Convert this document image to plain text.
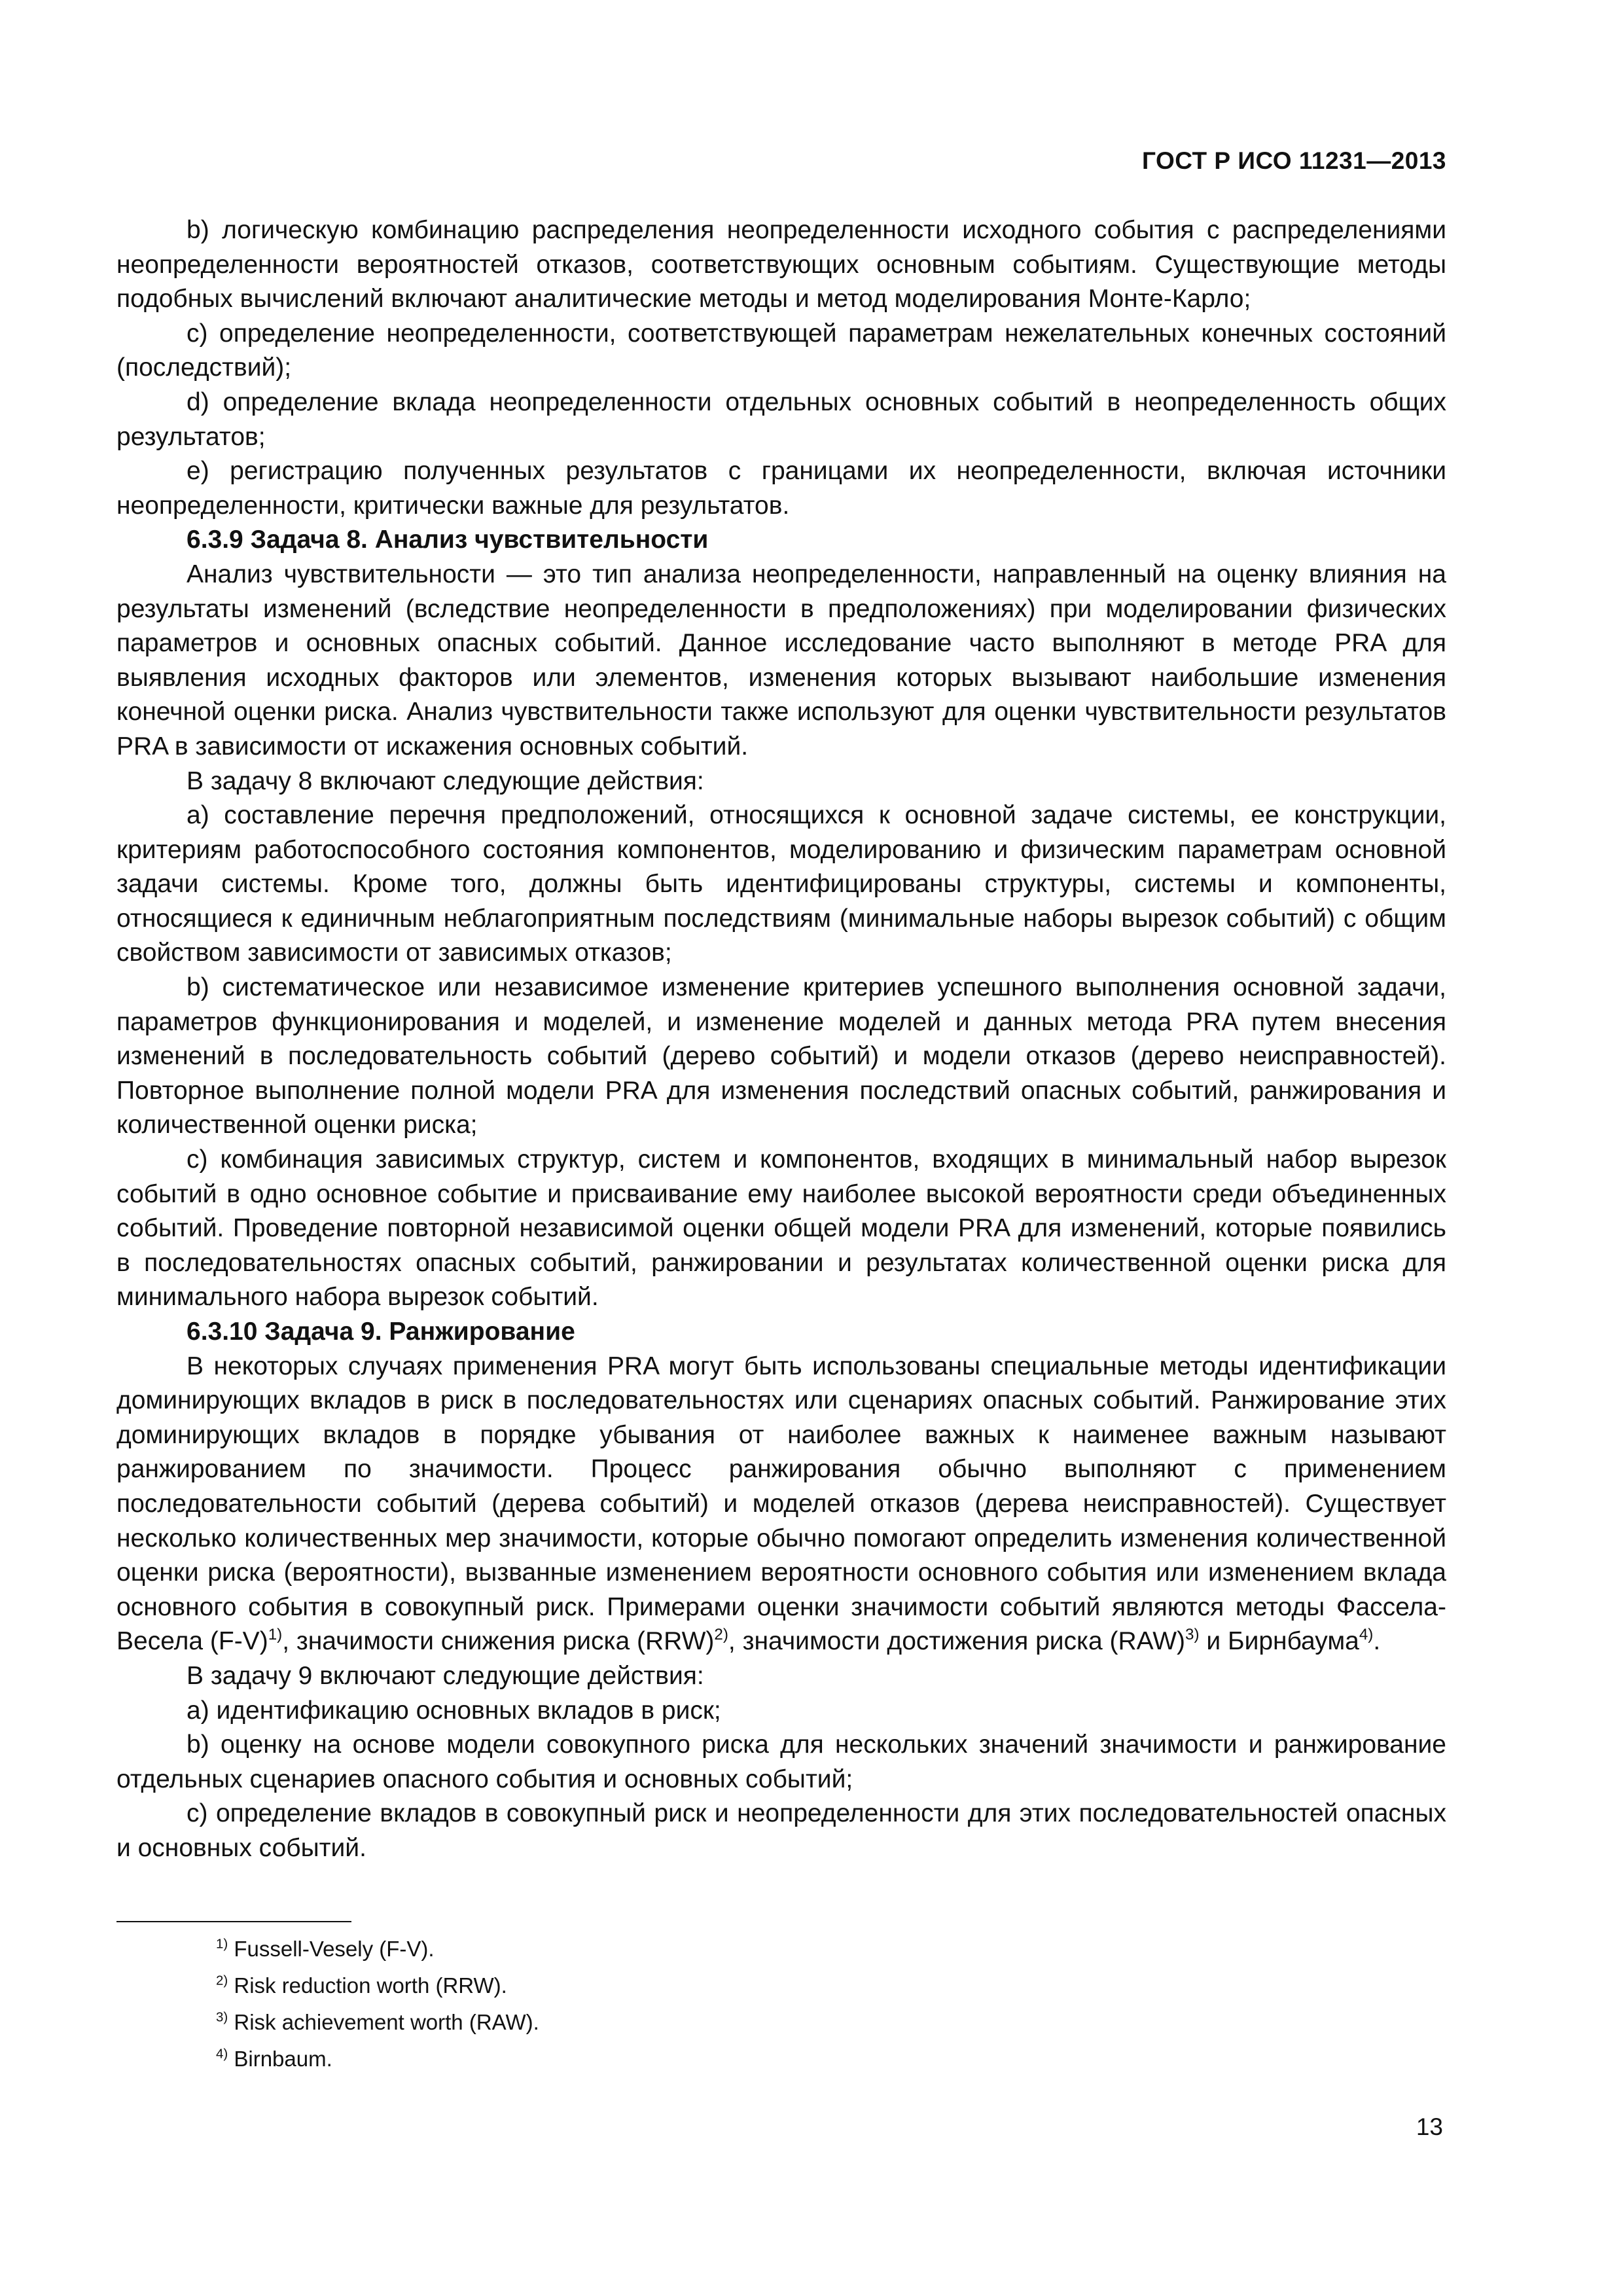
ГОСТ Р ИСО 11231—2013

b) логическую комбинацию распределения неопределенности исходного события с распределениями неопределенности вероятностей отказов, соответствующих основным событиям. Существующие методы подобных вычислений включают аналитические методы и метод моделирования Монте-Карло;

c) определение неопределенности, соответствующей параметрам нежелательных конечных состояний (последствий);

d) определение вклада неопределенности отдельных основных событий в неопределенность общих результатов;

e) регистрацию полученных результатов с границами их неопределенности, включая источники неопределенности, критически важные для результатов.

6.3.9 Задача 8. Анализ чувствительности

Анализ чувствительности — это тип анализа неопределенности, направленный на оценку влияния на результаты изменений (вследствие неопределенности в предположениях) при моделировании физических параметров и основных опасных событий. Данное исследование часто выполняют в методе PRA для выявления исходных факторов или элементов, изменения которых вызывают наибольшие изменения конечной оценки риска. Анализ чувствительности также используют для оценки чувствительности результатов PRA в зависимости от искажения основных событий.

В задачу 8 включают следующие действия:

a) составление перечня предположений, относящихся к основной задаче системы, ее конструкции, критериям работоспособного состояния компонентов, моделированию и физическим параметрам основной задачи системы. Кроме того, должны быть идентифицированы структуры, системы и компоненты, относящиеся к единичным неблагоприятным последствиям (минимальные наборы вырезок событий) с общим свойством зависимости от зависимых отказов;

b) систематическое или независимое изменение критериев успешного выполнения основной задачи, параметров функционирования и моделей, и изменение моделей и данных метода PRA путем внесения изменений в последовательность событий (дерево событий) и модели отказов (дерево неисправностей). Повторное выполнение полной модели PRA для изменения последствий опасных событий, ранжирования и количественной оценки риска;

c) комбинация зависимых структур, систем и компонентов, входящих в минимальный набор вырезок событий в одно основное событие и присваивание ему наиболее высокой вероятности среди объединенных событий. Проведение повторной независимой оценки общей модели PRA для изменений, которые появились в последовательностях опасных событий, ранжировании и результатах количественной оценки риска для минимального набора вырезок событий.

6.3.10 Задача 9. Ранжирование

В некоторых случаях применения PRA могут быть использованы специальные методы идентификации доминирующих вкладов в риск в последовательностях или сценариях опасных событий. Ранжирование этих доминирующих вкладов в порядке убывания от наиболее важных к наименее важным называют ранжированием по значимости. Процесс ранжирования обычно выполняют с применением последовательности событий (дерева событий) и моделей отказов (дерева неисправностей). Существует несколько количественных мер значимости, которые обычно помогают определить изменения количественной оценки риска (вероятности), вызванные изменением вероятности основного события или изменением вклада основного события в совокупный риск. Примерами оценки значимости событий являются методы Фассела- Весела $(F-V)^{1)}$, значимости снижения риска (RRW)$^{2)}$, значимости достижения риска (RAW)$^{3)}$ и Бирнбаума$^{4)}$.

В задачу 9 включают следующие действия:

a) идентификацию основных вкладов в риск;

b) оценку на основе модели совокупного риска для нескольких значений значимости и ранжирование отдельных сценариев опасного события и основных событий;

c) определение вкладов в совокупный риск и неопределенности для этих последовательностей опасных и основных событий.

$^{1)}$ Fussell-Vesely (F-V).

$^{2)}$ Risk reduction worth (RRW).

$^{3)}$ Risk achievement worth (RAW).

$^{4)}$ Birnbaum.

13
